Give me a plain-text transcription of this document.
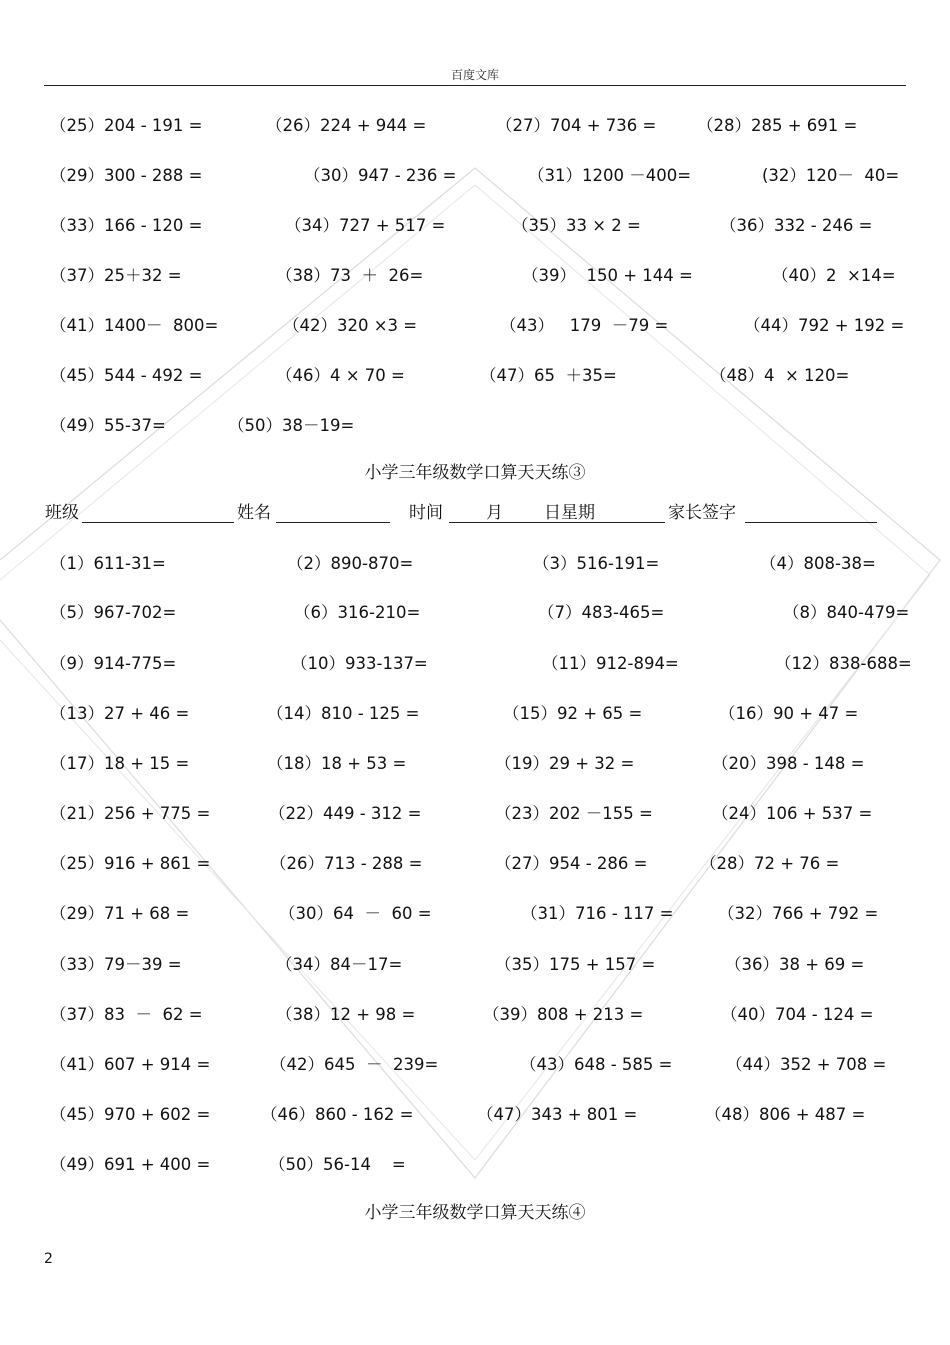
百度文库
（25）204 - 191 =	（26）224 + 944 =	（27）704 + 736 = （28）285 + 691 =
（29）300 - 288 =	（30）947 - 236 =	（31）1200 －400=	(32）120－  40=
（33）166 - 120 =	（34）727 + 517 =	（35）33 × 2 =	（36）332 - 246 =
（37）25＋32 =	（38）73  ＋  26=	（39）  150 + 144 =	（40）2  ×14=
（41）1400－  800=	（42）320 ×3 =	（43）   179  －79 =	（44）792 + 192 =
（45）544 - 492 =	（46）4 × 70 =	（47）65  ＋35=	（48）4  × 120=
（49）55-37=	（50）38－19=
小学三年级数学口算天天练③
班级	姓名	时间	月 日星期	家长签字
（1）611-31=	（2）890-870=	（3）516-191=	（4）808-38=
（5）967-702=	（6）316-210=	（7）483-465=	（8）840-479=
（9）914-775=	（10）933-137=	（11）912-894=	（12）838-688=
（13）27 + 46 =	（14）810 - 125 =	（15）92 + 65 =	（16）90 + 47 =
（17）18 + 15 =	（18）18 + 53 =	（19）29 + 32 =	（20）398 - 148 =
（21）256 + 775 =	（22）449 - 312 =	（23）202 －155 =	（24）106 + 537 =
（25）916 + 861 =	（26）713 - 288 =	（27）954 - 286 =	（28）72 + 76 =
（29）71 + 68 =	（30）64  －  60 =	（31）716 - 117 =	（32）766 + 792 =
（33）79－39 =	（34）84－17=	（35）175 + 157 =	（36）38 + 69 =
（37）83  －  62 =	（38）12 + 98 =	（39）808 + 213 =	（40）704 - 124 =
（41）607 + 914 =	（42）645  －  239=	（43）648 - 585 =	（44）352 + 708 =
（45）970 + 602 =	（46）860 - 162 =	（47）343 + 801 =	（48）806 + 487 =
（49）691 + 400 =	（50）56-14    =
小学三年级数学口算天天练④
2
